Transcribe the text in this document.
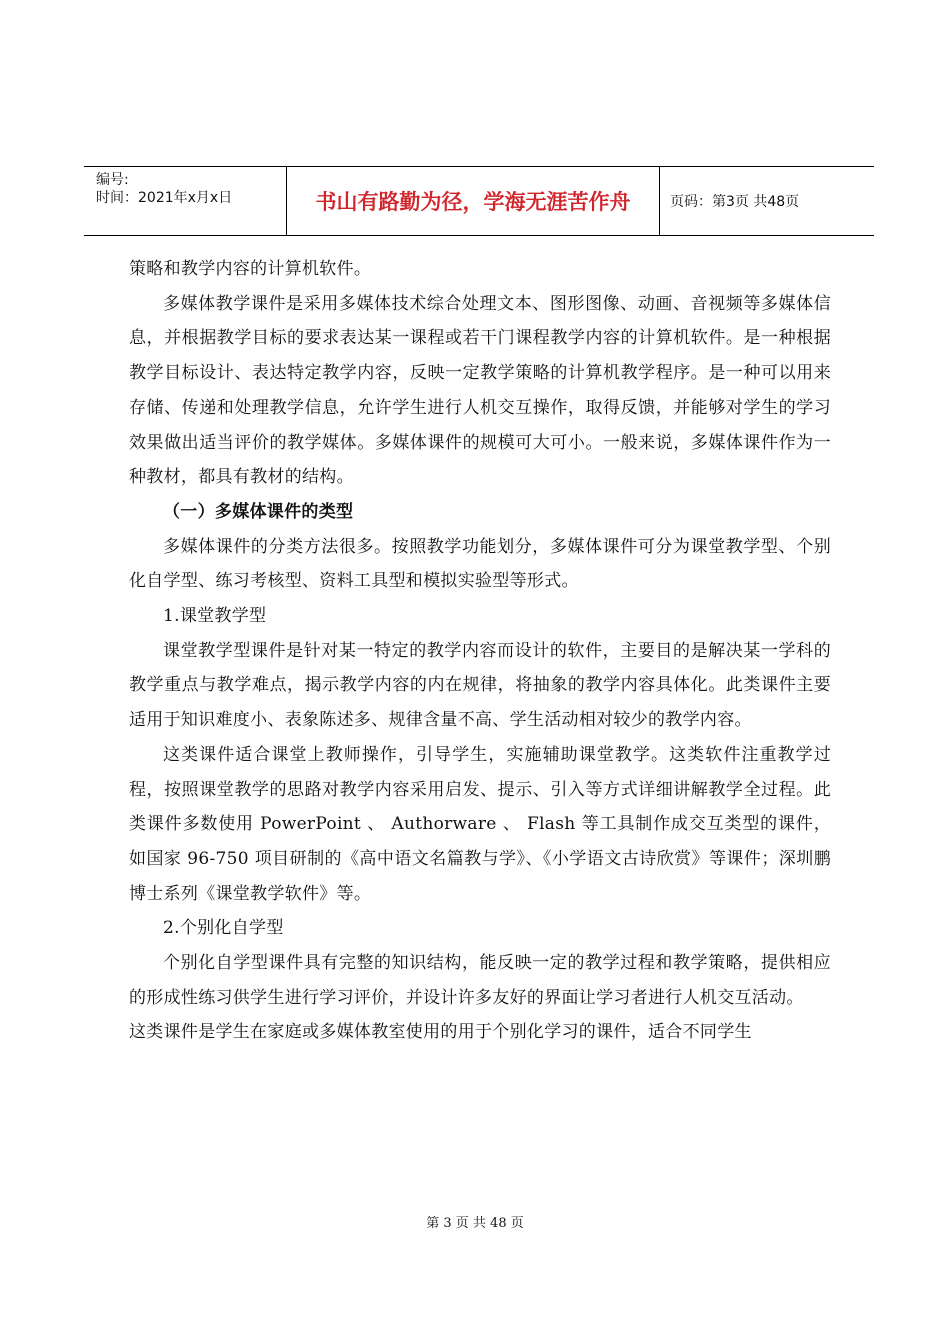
编号:
时间：2021年x月x日	书山有路勤为径，学海无涯苦作舟	页码：第3页 共48页

策略和教学内容的计算机软件。

多媒体教学课件是采用多媒体技术综合处理文本、图形图像、动画、音视频等多媒体信息，并根据教学目标的要求表达某一课程或若干门课程教学内容的计算机软件。是一种根据教学目标设计、表达特定教学内容，反映一定教学策略的计算机教学程序。是一种可以用来存储、传递和处理教学信息，允许学生进行人机交互操作，取得反馈，并能够对学生的学习效果做出适当评价的教学媒体。多媒体课件的规模可大可小。一般来说，多媒体课件作为一种教材，都具有教材的结构。

（一）多媒体课件的类型

多媒体课件的分类方法很多。按照教学功能划分，多媒体课件可分为课堂教学型、个别化自学型、练习考核型、资料工具型和模拟实验型等形式。

1.课堂教学型

课堂教学型课件是针对某一特定的教学内容而设计的软件，主要目的是解决某一学科的教学重点与教学难点，揭示教学内容的内在规律，将抽象的教学内容具体化。此类课件主要适用于知识难度小、表象陈述多、规律含量不高、学生活动相对较少的教学内容。

这类课件适合课堂上教师操作，引导学生，实施辅助课堂教学。这类软件注重教学过程，按照课堂教学的思路对教学内容采用启发、提示、引入等方式详细讲解教学全过程。此类课件多数使用 PowerPoint 、 Authorware 、 Flash 等工具制作成交互类型的课件，如国家 96-750 项目研制的《高中语文名篇教与学》、《小学语文古诗欣赏》等课件；深圳鹏博士系列《课堂教学软件》等。

2.个别化自学型

个别化自学型课件具有完整的知识结构，能反映一定的教学过程和教学策略，提供相应的形成性练习供学生进行学习评价，并设计许多友好的界面让学习者进行人机交互活动。

这类课件是学生在家庭或多媒体教室使用的用于个别化学习的课件，适合不同学生

第 3 页 共 48 页
